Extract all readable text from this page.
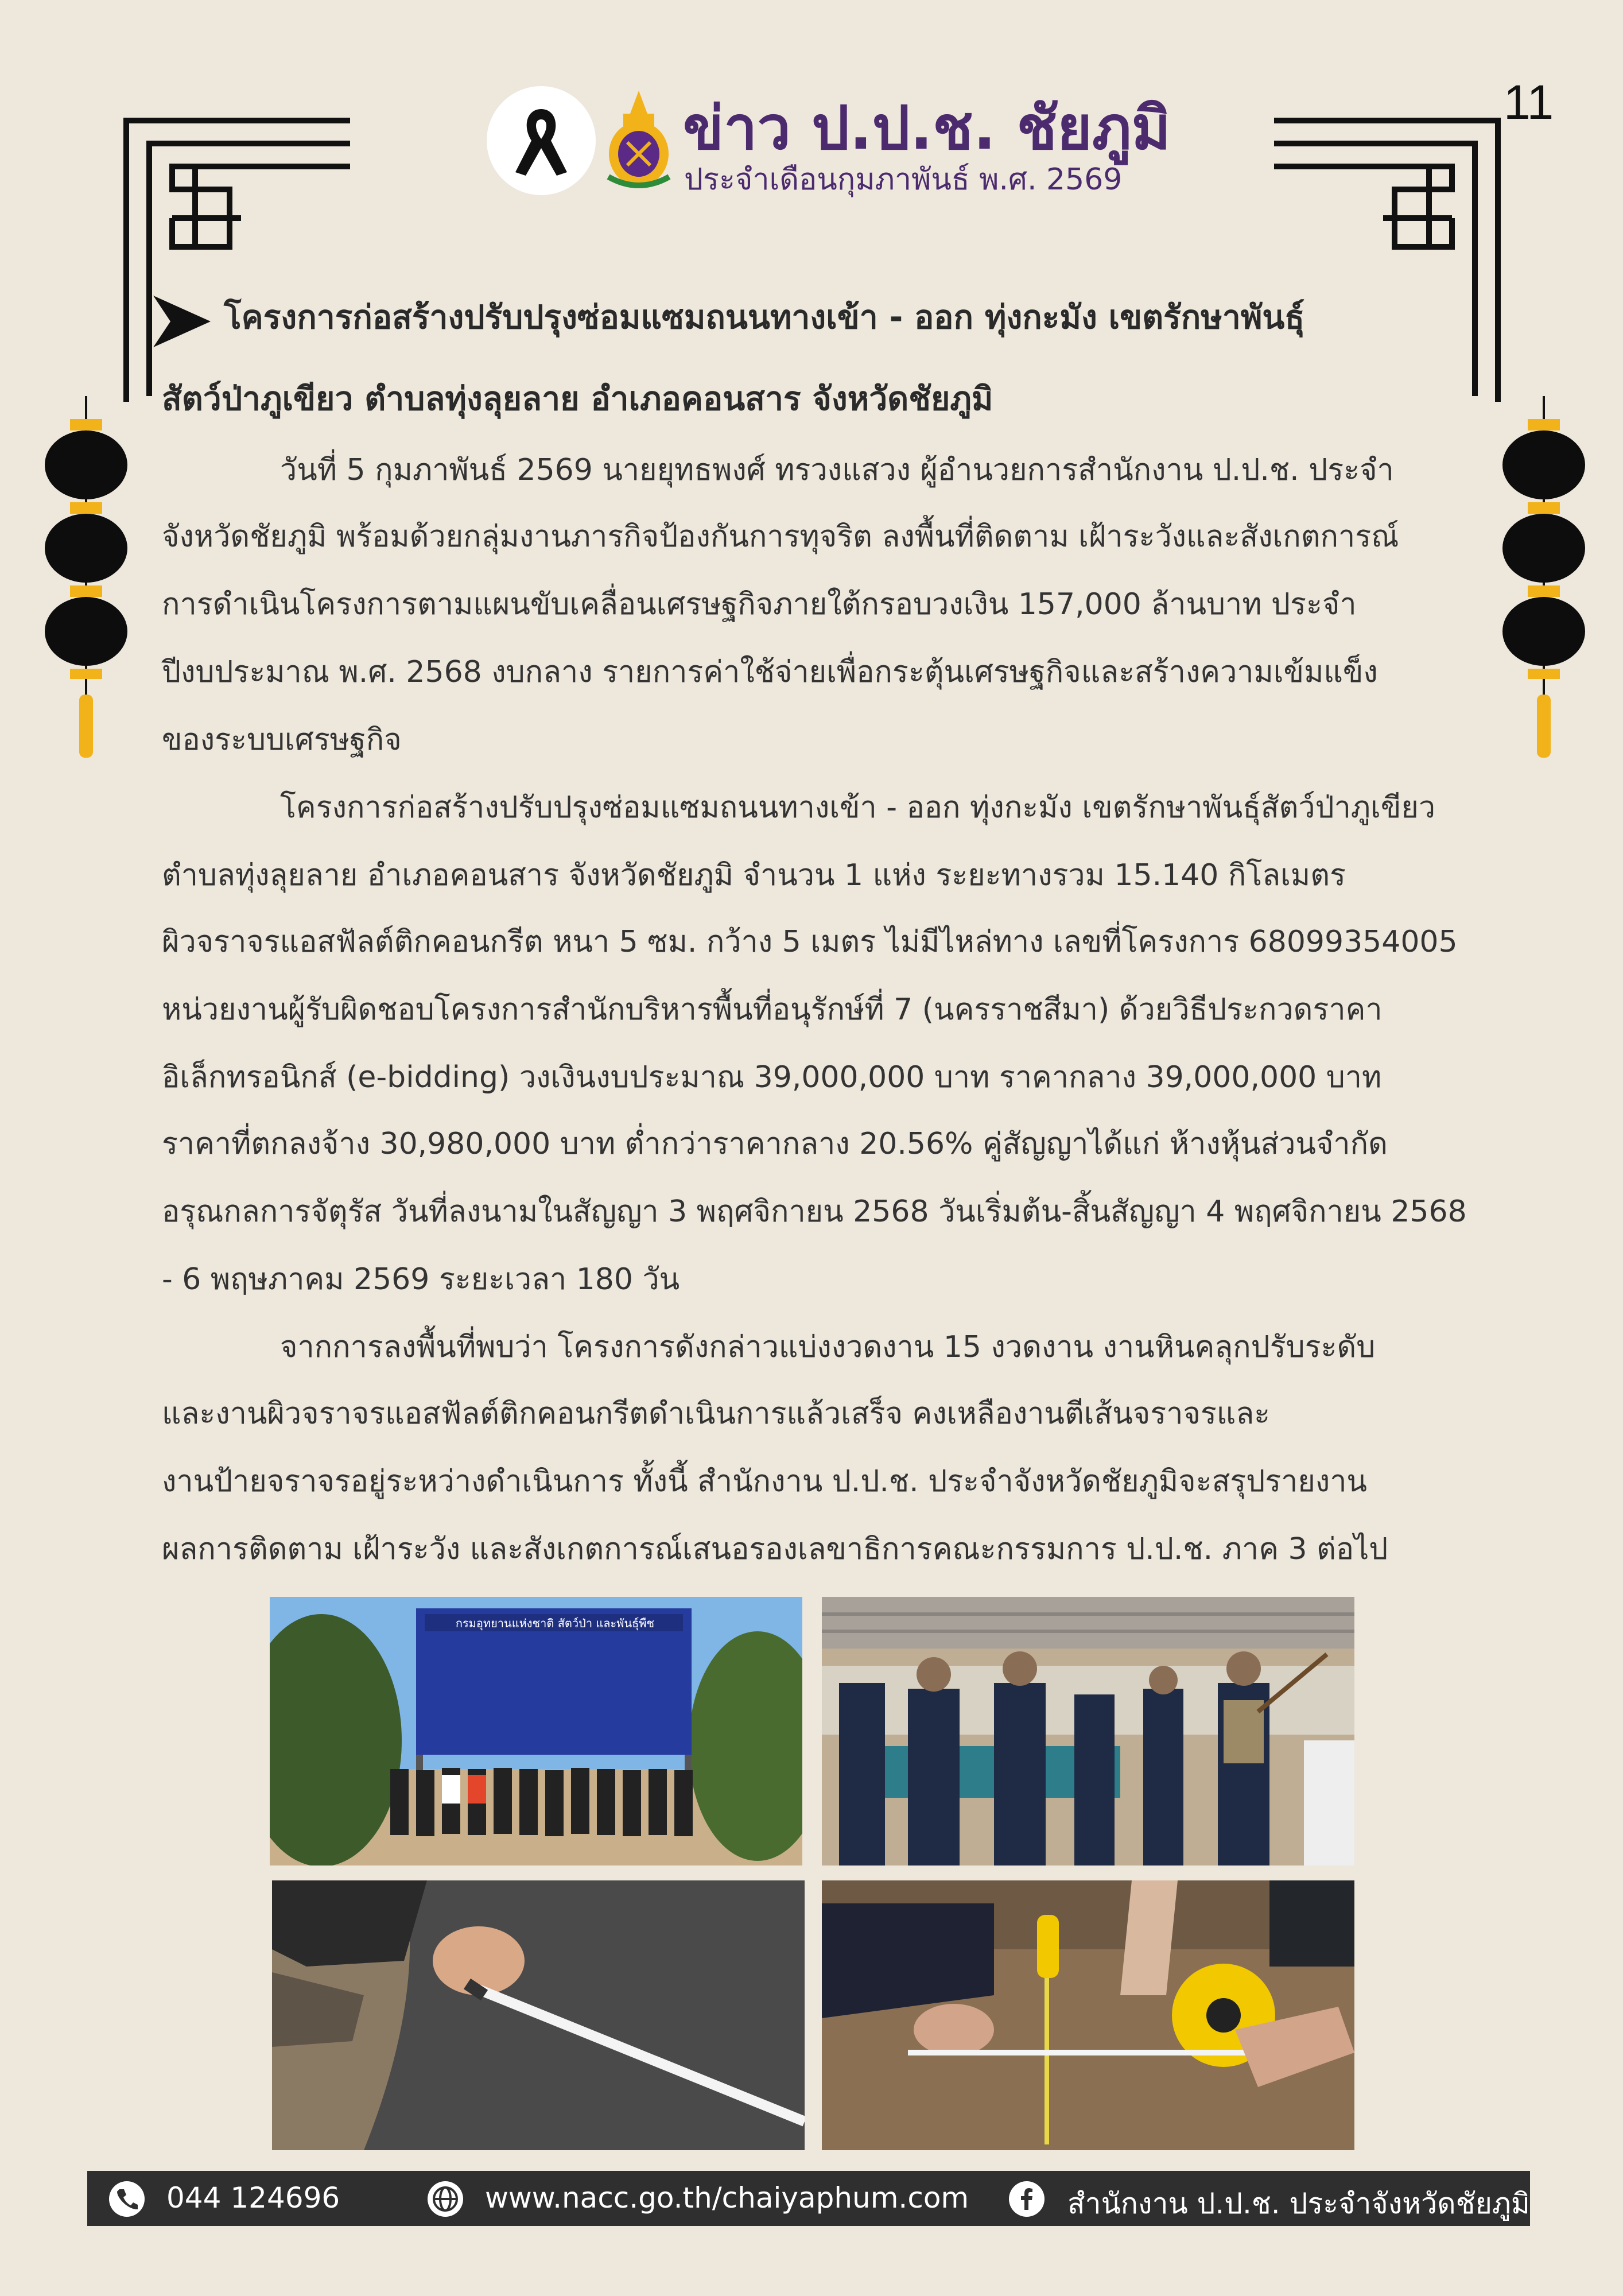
11
ข่าว ป.ป.ช. ชัยภูมิ
ประจำเดือนกุมภาพันธ์ พ.ศ. 2569
โครงการก่อสร้างปรับปรุงซ่อมแซมถนนทางเข้า - ออก ทุ่งกะมัง เขตรักษาพันธุ์
สัตว์ป่าภูเขียว ตำบลทุ่งลุยลาย อำเภอคอนสาร จังหวัดชัยภูมิ
วันที่ 5 กุมภาพันธ์ 2569 นายยุทธพงศ์ ทรวงแสวง ผู้อำนวยการสำนักงาน ป.ป.ช. ประจำ
จังหวัดชัยภูมิ พร้อมด้วยกลุ่มงานภารกิจป้องกันการทุจริต ลงพื้นที่ติดตาม เฝ้าระวังและสังเกตการณ์
การดำเนินโครงการตามแผนขับเคลื่อนเศรษฐกิจภายใต้กรอบวงเงิน 157,000 ล้านบาท ประจำ
ปีงบประมาณ พ.ศ. 2568 งบกลาง รายการค่าใช้จ่ายเพื่อกระตุ้นเศรษฐกิจและสร้างความเข้มแข็ง
ของระบบเศรษฐกิจ
โครงการก่อสร้างปรับปรุงซ่อมแซมถนนทางเข้า - ออก ทุ่งกะมัง เขตรักษาพันธุ์สัตว์ป่าภูเขียว
ตำบลทุ่งลุยลาย อำเภอคอนสาร จังหวัดชัยภูมิ จำนวน 1 แห่ง ระยะทางรวม 15.140 กิโลเมตร
ผิวจราจรแอสฟัลต์ติกคอนกรีต หนา 5 ซม. กว้าง 5 เมตร ไม่มีไหล่ทาง เลขที่โครงการ 68099354005
หน่วยงานผู้รับผิดชอบโครงการสำนักบริหารพื้นที่อนุรักษ์ที่ 7 (นครราชสีมา) ด้วยวิธีประกวดราคา
อิเล็กทรอนิกส์ (e-bidding) วงเงินงบประมาณ 39,000,000 บาท ราคากลาง 39,000,000 บาท
ราคาที่ตกลงจ้าง 30,980,000 บาท ต่ำกว่าราคากลาง 20.56% คู่สัญญาได้แก่ ห้างหุ้นส่วนจำกัด
อรุณกลการจัตุรัส วันที่ลงนามในสัญญา 3 พฤศจิกายน 2568 วันเริ่มต้น-สิ้นสัญญา 4 พฤศจิกายน 2568
- 6 พฤษภาคม 2569 ระยะเวลา 180 วัน
จากการลงพื้นที่พบว่า โครงการดังกล่าวแบ่งงวดงาน 15 งวดงาน งานหินคลุกปรับระดับ
และงานผิวจราจรแอสฟัลต์ติกคอนกรีตดำเนินการแล้วเสร็จ คงเหลืองานตีเส้นจราจรและ
งานป้ายจราจรอยู่ระหว่างดำเนินการ ทั้งนี้ สำนักงาน ป.ป.ช. ประจำจังหวัดชัยภูมิจะสรุปรายงาน
ผลการติดตาม เฝ้าระวัง และสังเกตการณ์เสนอรองเลขาธิการคณะกรรมการ ป.ป.ช. ภาค 3 ต่อไป
กรมอุทยานแห่งชาติ สัตว์ป่า และพันธุ์พืช
044 124696	www.nacc.go.th/chaiyaphum.com	สำนักงาน ป.ป.ช. ประจำจังหวัดชัยภูมิ
